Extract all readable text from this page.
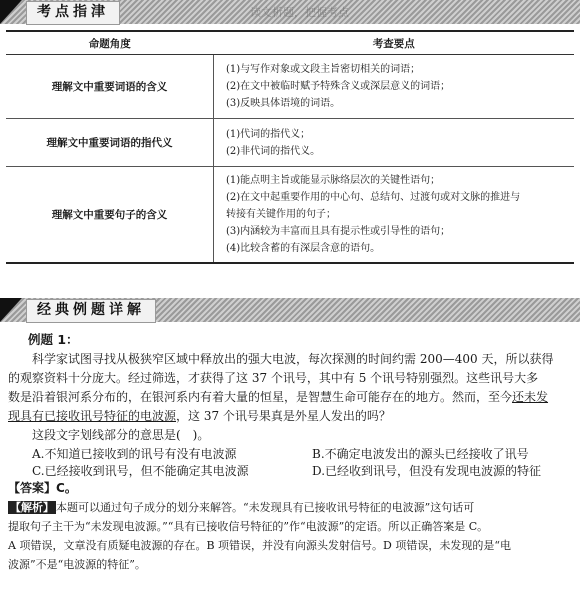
考点指津	读文析题，把握考点
命题角度	考查要点
理解文中重要词语的含义	(1)与写作对象或文段主旨密切相关的词语；
(2)在文中被临时赋予特殊含义或深层意义的词语；
(3)反映具体语境的词语。

理解文中重要词语的指代义	(1)代词的指代义；
(2)非代词的指代义。

理解文中重要句子的含义	(1)能点明主旨或能显示脉络层次的关键性语句；
(2)在文中起重要作用的中心句、总结句、过渡句或对文脉的推进与
转接有关键作用的句子；
(3)内涵较为丰富而且具有提示性或引导性的语句；
(4)比较含蓄的有深层含意的语句。
经典例题详解
例题 1：

科学家试图寻找从极狭窄区域中释放出的强大电波，每次探测的时间约需 200—400 天，所以获得

的观察资料十分庞大。经过筛选，才获得了这 37 个讯号，其中有 5 个讯号特别强烈。这些讯号大多

数是沿着银河系分布的，在银河系内有着大量的恒星，是智慧生命可能存在的地方。然而，至今还未发

现具有已接收讯号特征的电波源，这 37 个讯号果真是外星人发出的吗？

这段文字划线部分的意思是(　)。

A.不知道已接收到的讯号有没有电波源	B.不确定电波发出的源头已经接收了讯号
C.已经接收到讯号，但不能确定其电波源	D.已经收到讯号，但没有发现电波源的特征

【答案】C。

【解析】 本题可以通过句子成分的划分来解答。“未发现具有已接收讯号特征的电波源”这句话可

提取句子主干为“未发现电波源。”“具有已接收信号特征的”作“电波源”的定语。所以正确答案是 C。

A 项错误，文章没有质疑电波源的存在。B 项错误，并没有向源头发射信号。D 项错误，未发现的是“电

波源”不是“电波源的特征”。
